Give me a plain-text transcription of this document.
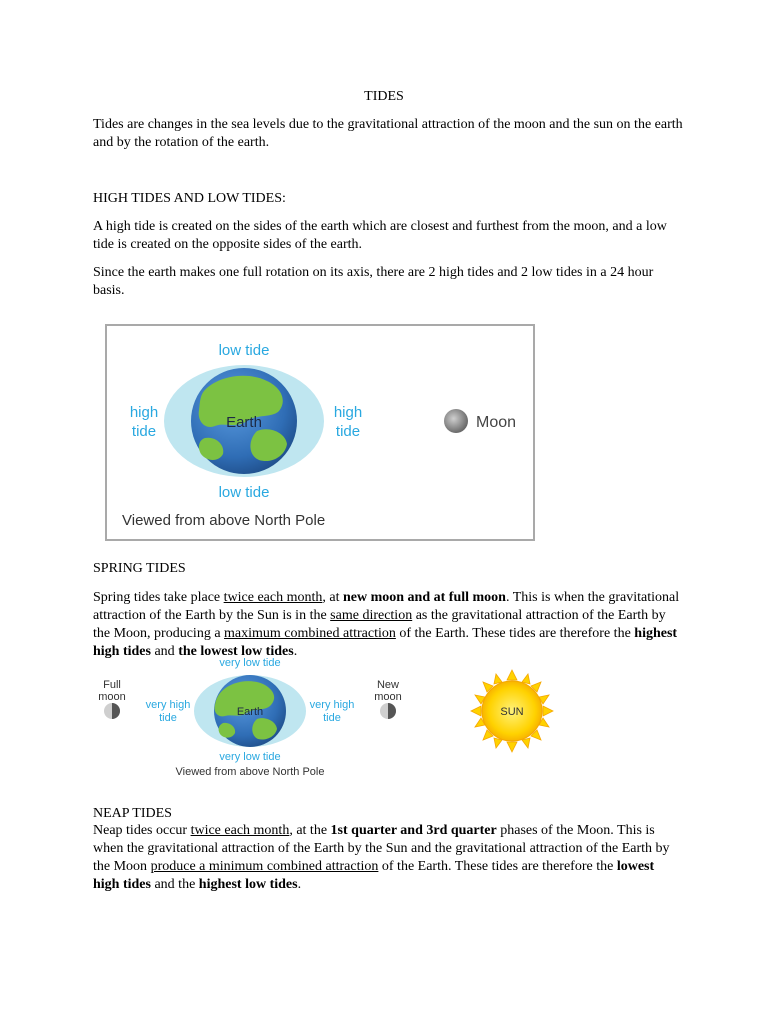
TIDES

Tides are changes in the sea levels due to the gravitational attraction of the moon and the sun on the earth and by the rotation of the earth.

HIGH TIDES AND LOW TIDES:

A high tide is created on the sides of the earth which are closest and furthest from the moon, and a low tide is created on the opposite sides of the earth.

Since the earth makes one full rotation on its axis, there are 2 high tides and 2 low tides in a 24 hour basis.

Earth
low tide
low tide
high
tide
high
tide
Moon
Viewed from above North Pole

SPRING TIDES

Spring tides take place twice each month, at new moon and at full moon. This is when the gravitational attraction of the Earth by the Sun is in the same direction as the gravitational attraction of the Earth by the Moon, producing a maximum combined attraction of the Earth. These tides are therefore the highest high tides and the lowest low tides.

Earth
very low tide
very low tide
very high
tide
very high
tide
Full
moon
New
moon
SUN
Viewed from above North Pole

NEAP TIDES

Neap tides occur twice each month, at the 1st quarter and 3rd quarter phases of the Moon. This is when the gravitational attraction of the Earth by the Sun and the gravitational attraction of the Earth by the Moon produce a minimum combined attraction of the Earth. These tides are therefore the lowest high tides and the highest low tides.
